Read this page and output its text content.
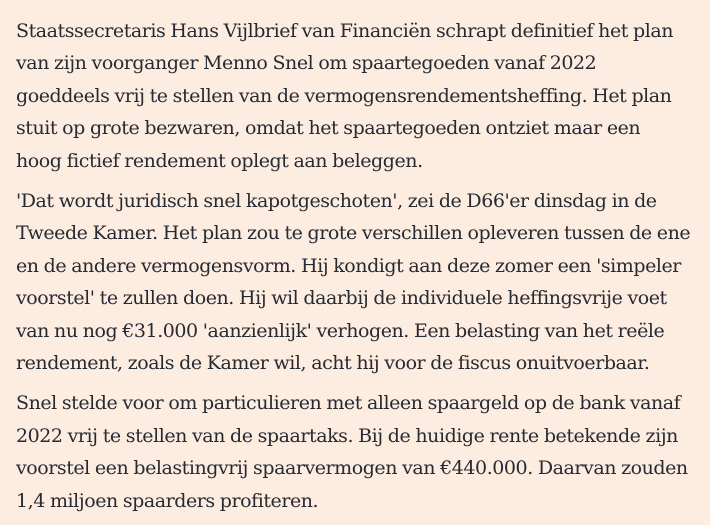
Staatssecretaris Hans Vijlbrief van Financiën schrapt definitief het plan
van zijn voorganger Menno Snel om spaartegoeden vanaf 2022
goeddeels vrij te stellen van de vermogensrendementsheffing. Het plan
stuit op grote bezwaren, omdat het spaartegoeden ontziet maar een
hoog fictief rendement oplegt aan beleggen.

'Dat wordt juridisch snel kapotgeschoten', zei de D66'er dinsdag in de
Tweede Kamer. Het plan zou te grote verschillen opleveren tussen de ene
en de andere vermogensvorm. Hij kondigt aan deze zomer een 'simpeler
voorstel' te zullen doen. Hij wil daarbij de individuele heffingsvrije voet
van nu nog €31.000 'aanzienlijk' verhogen. Een belasting van het reële
rendement, zoals de Kamer wil, acht hij voor de fiscus onuitvoerbaar.

Snel stelde voor om particulieren met alleen spaargeld op de bank vanaf
2022 vrij te stellen van de spaartaks. Bij de huidige rente betekende zijn
voorstel een belastingvrij spaarvermogen van €440.000. Daarvan zouden
1,4 miljoen spaarders profiteren.
